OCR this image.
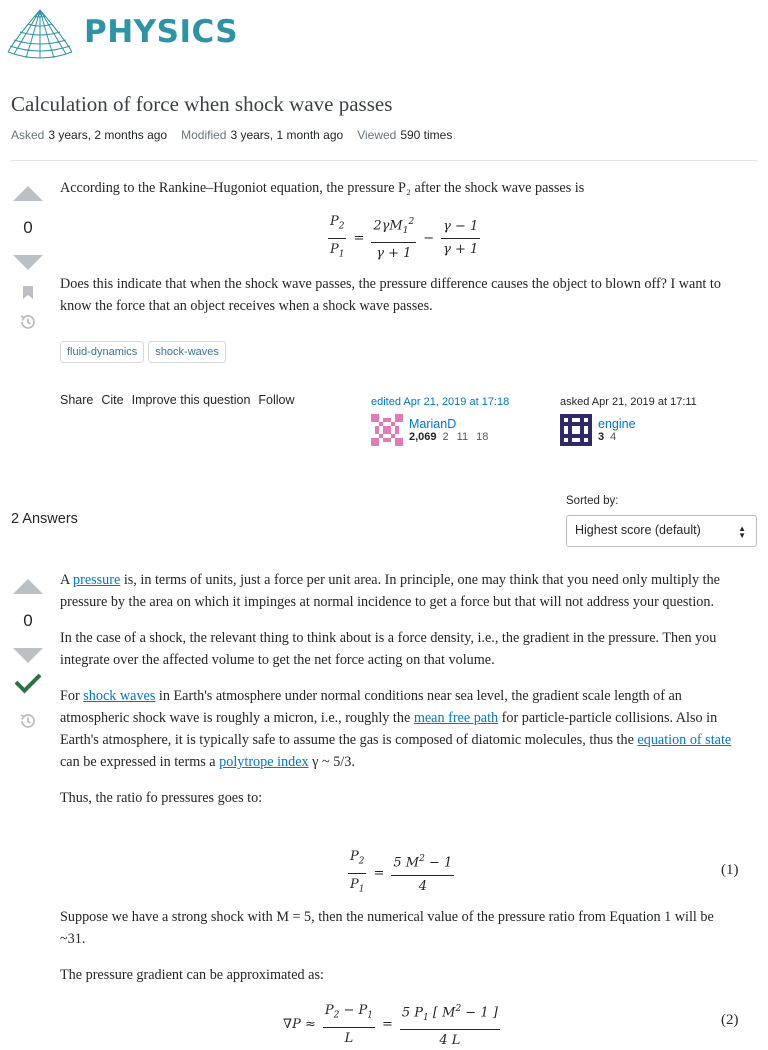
PHYSICS
Calculation of force when shock wave passes
Asked 3 years, 2 months ago Modified 3 years, 1 month ago Viewed 590 times
0

According to the Rankine–Hugoniot equation, the pressure P₂ after the shock wave passes is

$\frac{P_2}{P_1} = \frac{2\gamma M_1^2}{\gamma + 1} - \frac{\gamma - 1}{\gamma + 1}$

Does this indicate that when the shock wave passes, the pressure difference causes the object to blown off? I want to know the force that an object receives when a shock wave passes.

fluid-dynamics	shock-waves
Share Cite Improve this question Follow	edited Apr 21, 2019 at 17:18
MarianD
2,069 2 11 18
asked Apr 21, 2019 at 17:11
engine
3 4
2 Answers
Sorted by:
Highest score (default)	▲
▼
0

A pressure is, in terms of units, just a force per unit area. In principle, one may think that you need only multiply the pressure by the area on which it impinges at normal incidence to get a force but that will not address your question.

In the case of a shock, the relevant thing to think about is a force density, i.e., the gradient in the pressure. Then you integrate over the affected volume to get the net force acting on that volume.

For shock waves in Earth's atmosphere under normal conditions near sea level, the gradient scale length of an atmospheric shock wave is roughly a micron, i.e., roughly the mean free path for particle-particle collisions. Also in Earth's atmosphere, it is typically safe to assume the gas is composed of diatomic molecules, thus the equation of state can be expressed in terms a polytrope index γ ~ 5/3.

Thus, the ratio fo pressures goes to:

$\frac{P_2}{P_1} = \frac{5 M^2 - 1}{4}$	(1)

Suppose we have a strong shock with M = 5, then the numerical value of the pressure ratio from Equation 1 will be ~31.

The pressure gradient can be approximated as:

$\nabla P \approx \frac{P_2 - P_1}{L} = \frac{5 P_1 [ M^2 - 1 ]}{4 L}$	(2)
